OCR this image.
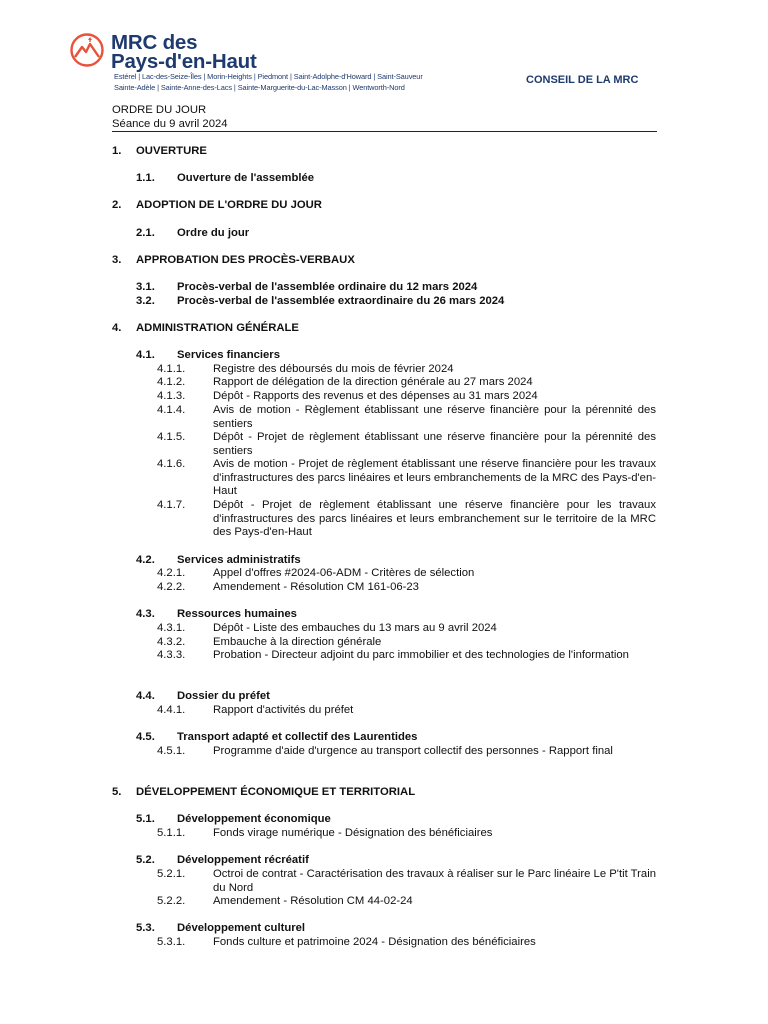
MRC des
Pays-d'en-Haut
Estérel | Lac-des-Seize-Îles | Morin-Heights | Piedmont | Saint-Adolphe-d'Howard | Saint-Sauveur
Sainte-Adèle | Sainte-Anne-des-Lacs | Sainte-Marguerite-du-Lac-Masson | Wentworth-Nord
CONSEIL DE LA MRC
ORDRE DU JOUR
Séance du 9 avril 2024
1. OUVERTURE
1.1. Ouverture de l'assemblée
2. ADOPTION DE L'ORDRE DU JOUR
2.1. Ordre du jour
3. APPROBATION DES PROCÈS-VERBAUX
3.1. Procès-verbal de l'assemblée ordinaire du 12 mars 2024
3.2. Procès-verbal de l'assemblée extraordinaire du 26 mars 2024
4. ADMINISTRATION GÉNÉRALE
4.1. Services financiers
4.1.1. Registre des déboursés du mois de février 2024
4.1.2. Rapport de délégation de la direction générale au 27 mars 2024
4.1.3. Dépôt - Rapports des revenus et des dépenses au 31 mars 2024
4.1.4. Avis de motion - Règlement établissant une réserve financière pour la pérennité des sentiers
4.1.5. Dépôt - Projet de règlement établissant une réserve financière pour la pérennité des sentiers
4.1.6. Avis de motion - Projet de règlement établissant une réserve financière pour les travaux d'infrastructures des parcs linéaires et leurs embranchements de la MRC des Pays-d'en-Haut
4.1.7. Dépôt - Projet de règlement établissant une réserve financière pour les travaux d'infrastructures des parcs linéaires et leurs embranchement sur le territoire de la MRC des Pays-d'en-Haut
4.2. Services administratifs
4.2.1. Appel d'offres #2024-06-ADM - Critères de sélection
4.2.2. Amendement - Résolution CM 161-06-23
4.3. Ressources humaines
4.3.1. Dépôt - Liste des embauches du 13 mars au 9 avril 2024
4.3.2. Embauche à la direction générale
4.3.3. Probation - Directeur adjoint du parc immobilier et des technologies de l'information
4.4. Dossier du préfet
4.4.1. Rapport d'activités du préfet
4.5. Transport adapté et collectif des Laurentides
4.5.1. Programme d'aide d'urgence au transport collectif des personnes - Rapport final
5. DÉVELOPPEMENT ÉCONOMIQUE ET TERRITORIAL
5.1. Développement économique
5.1.1. Fonds virage numérique - Désignation des bénéficiaires
5.2. Développement récréatif
5.2.1. Octroi de contrat - Caractérisation des travaux à réaliser sur le Parc linéaire Le P'tit Train du Nord
5.2.2. Amendement - Résolution CM 44-02-24
5.3. Développement culturel
5.3.1. Fonds culture et patrimoine 2024 - Désignation des bénéficiaires
